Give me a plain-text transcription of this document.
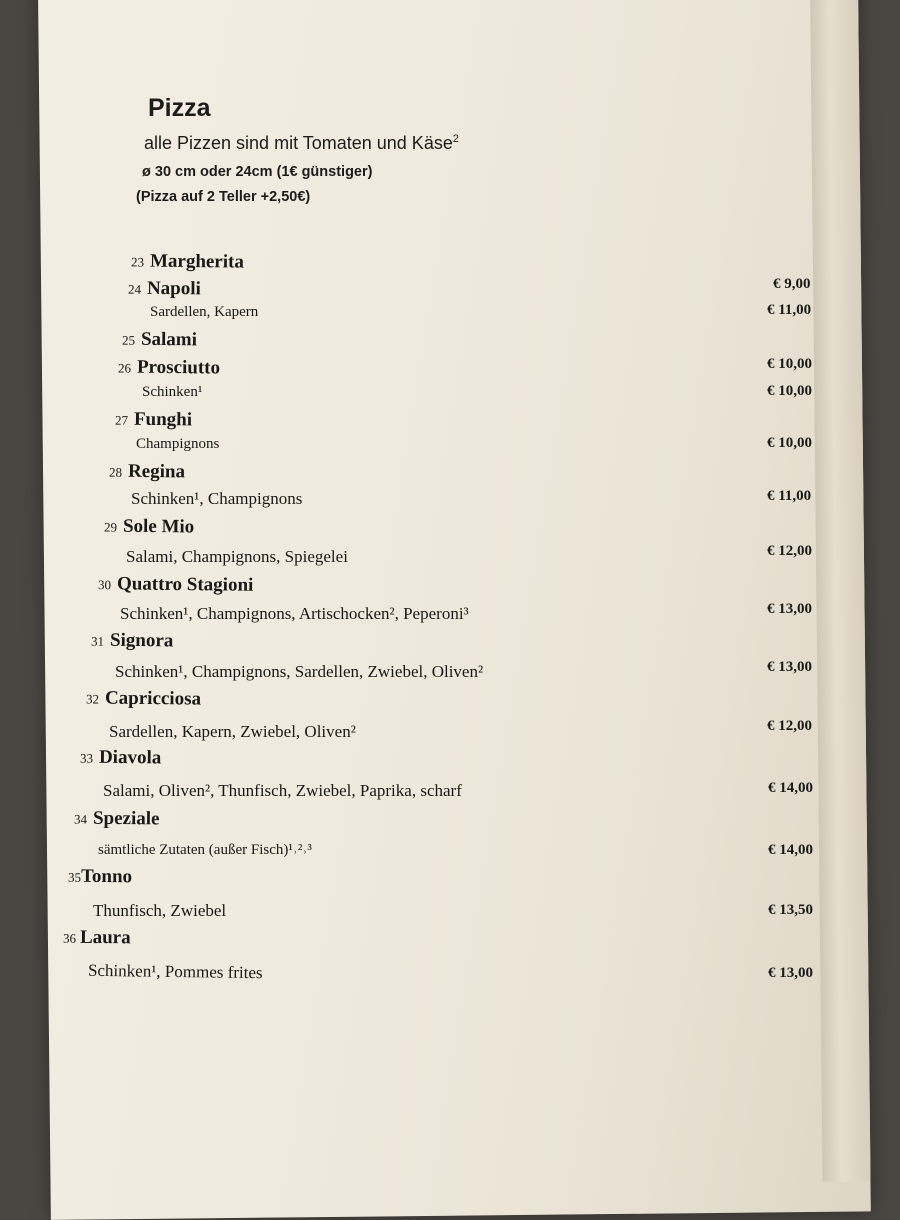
Pizza
alle Pizzen sind mit Tomaten und Käse$^2$
ø 30 cm oder 24cm (1€ günstiger)
(Pizza auf 2 Teller +2,50€)
23 Margherita
€ 9,00
24 Napoli
Sardellen, Kapern	€ 11,00
25 Salami
€ 10,00
26 Prosciutto
Schinken¹	€ 10,00
27 Funghi
Champignons	€ 10,00
28 Regina
Schinken¹, Champignons	€ 11,00
29 Sole Mio
Salami, Champignons, Spiegelei	€ 12,00
30 Quattro Stagioni
Schinken¹, Champignons, Artischocken², Peperoni³	€ 13,00
31 Signora
Schinken¹, Champignons, Sardellen, Zwiebel, Oliven²	€ 13,00
32 Capricciosa
Sardellen, Kapern, Zwiebel, Oliven²	€ 12,00
33 Diavola
Salami, Oliven², Thunfisch, Zwiebel, Paprika, scharf	€ 14,00
34 Speziale
sämtliche Zutaten (außer Fisch)¹˒²˒³	€ 14,00
35Tonno
Thunfisch, Zwiebel	€ 13,50
36 Laura
Schinken¹, Pommes frites	€ 13,00
